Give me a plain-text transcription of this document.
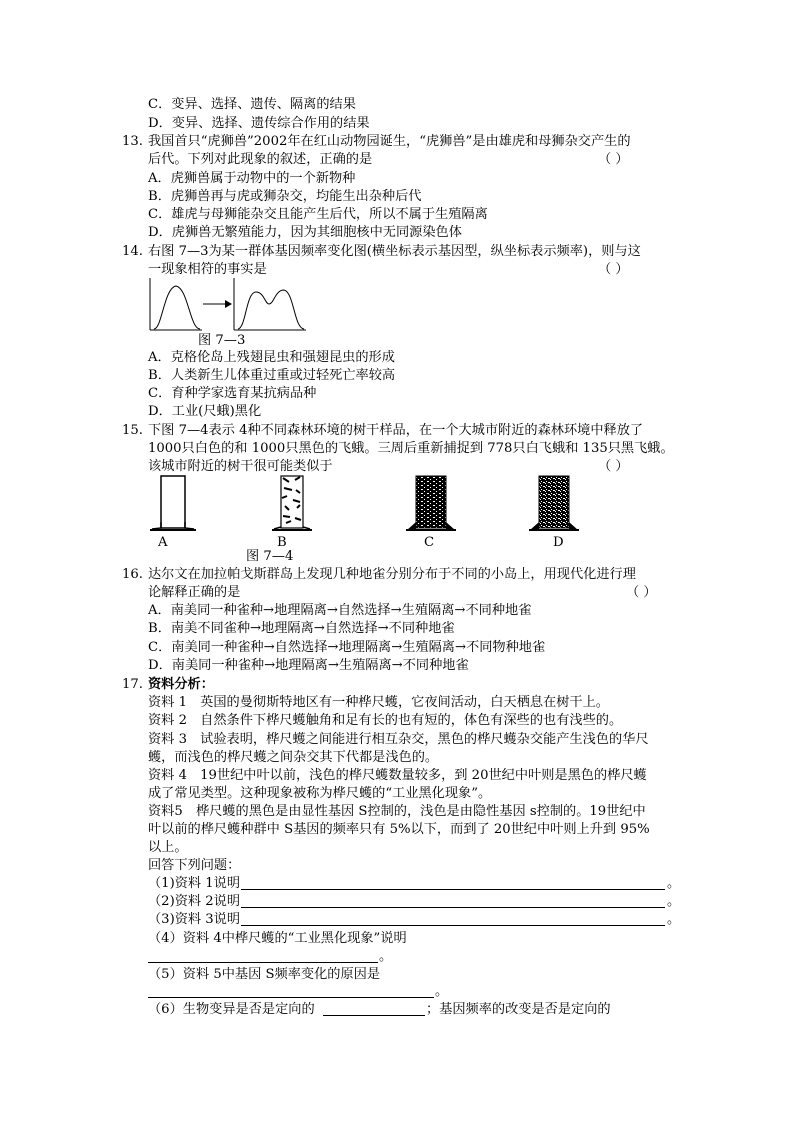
C．变异、选择、遗传、隔离的结果
D．变异、选择、遗传综合作用的结果
13. 我国首只“虎狮兽”2002年在红山动物园诞生，“虎狮兽”是由雄虎和母狮杂交产生的
后代。下列对此现象的叙述，正确的是	（ ）
A．虎狮兽属于动物中的一个新物种
B．虎狮兽再与虎或狮杂交，均能生出杂种后代
C．雄虎与母狮能杂交且能产生后代，所以不属于生殖隔离
D．虎狮兽无繁殖能力，因为其细胞核中无同源染色体
14. 右图 7—3为某一群体基因频率变化图(横坐标表示基因型，纵坐标表示频率)，则与这
一现象相符的事实是	（ ）
图 7—3
A．克格伦岛上残翅昆虫和强翅昆虫的形成
B．人类新生儿体重过重或过轻死亡率较高
C．育种学家选育某抗病品种
D．工业(尺蛾)黑化
15. 下图 7—4表示 4种不同森林环境的树干样品，在一个大城市附近的森林环境中释放了
1000只白色的和 1000只黑色的飞蛾。三周后重新捕捉到 778只白飞蛾和 135只黑飞蛾。
该城市附近的树干很可能类似于	（ ）
A	B	C	D
图 7—4
16. 达尔文在加拉帕戈斯群岛上发现几种地雀分别分布于不同的小岛上，用现代化进行理
论解释正确的是	（ ）
A．南美同一种雀种→地理隔离→自然选择→生殖隔离→不同种地雀
B．南美不同雀种→地理隔离→自然选择→不同种地雀
C．南美同一种雀种→自然选择→地理隔离→生殖隔离→不同物种地雀
D．南美同一种雀种→地理隔离→生殖隔离→不同种地雀
17. 资料分析：
资料 1　英国的曼彻斯特地区有一种桦尺蠖，它夜间活动，白天栖息在树干上。
资料 2　自然条件下桦尺蠖触角和足有长的也有短的，体色有深些的也有浅些的。
资料 3　试验表明，桦尺蠖之间能进行相互杂交，黑色的桦尺蠖杂交能产生浅色的华尺
蠖，而浅色的桦尺蠖之间杂交其下代都是浅色的。
资料 4　19世纪中叶以前，浅色的桦尺蠖数量较多，到 20世纪中叶则是黑色的桦尺蠖
成了常见类型。这种现象被称为桦尺蠖的“工业黑化现象”。
资料5　桦尺蠖的黑色是由显性基因 S控制的，浅色是由隐性基因 s控制的。19世纪中
叶以前的桦尺蠖种群中 S基因的频率只有 5%以下，而到了 20世纪中叶则上升到 95%
以上。
回答下列问题：
（1)资料 1说明	。
（2)资料 2说明	。
（3)资料 3说明	。
（4）资料 4中桦尺蠖的“工业黑化现象”说明
。
（5）资料 5中基因 S频率变化的原因是
。
（6）生物变异是否是定向的	；基因频率的改变是否是定向的
